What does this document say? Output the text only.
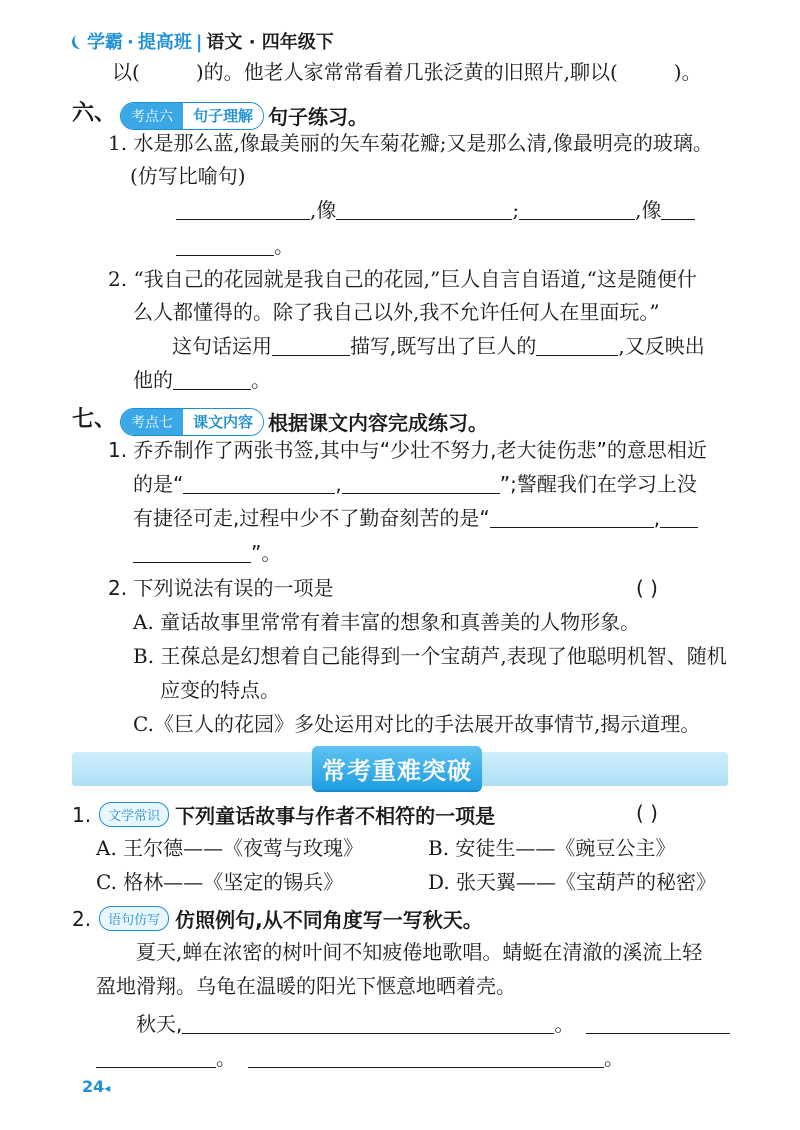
学霸 · 提高班 | 语文 · 四年级下
以(	)的。他老人家常常看着几张泛黄的旧照片,聊以(	)。
六、	考点六	句子理解 句子练习。
1. 水是那么蓝,像最美丽的矢车菊花瓣;又是那么清,像最明亮的玻璃。
(仿写比喻句)
,像	;	,像
。
2. “我自己的花园就是我自己的花园,”巨人自言自语道,“这是随便什
么人都懂得的。除了我自己以外,我不允许任何人在里面玩。”
这句话运用	描写,既写出了巨人的	,又反映出
他的	。
七、	考点七	课文内容 根据课文内容完成练习。
1. 乔乔制作了两张书签,其中与“少壮不努力,老大徒伤悲”的意思相近
的是“	,	”;警醒我们在学习上没
有捷径可走,过程中少不了勤奋刻苦的是“	,
”。
2. 下列说法有误的一项是	( )
A. 童话故事里常常有着丰富的想象和真善美的人物形象。
B. 王葆总是幻想着自己能得到一个宝葫芦,表现了他聪明机智、随机
应变的特点。
C.《巨人的花园》多处运用对比的手法展开故事情节,揭示道理。
常考重难突破
1. 文学常识 下列童话故事与作者不相符的一项是	( )
A. 王尔德——《夜莺与玫瑰》	B. 安徒生——《豌豆公主》
C. 格林——《坚定的锡兵》	D. 张天翼——《宝葫芦的秘密》
2. 语句仿写 仿照例句,从不同角度写一写秋天。
夏天,蝉在浓密的树叶间不知疲倦地歌唱。蜻蜓在清澈的溪流上轻
盈地滑翔。乌龟在温暖的阳光下惬意地晒着壳。
秋天,	。
。	。
24◂
